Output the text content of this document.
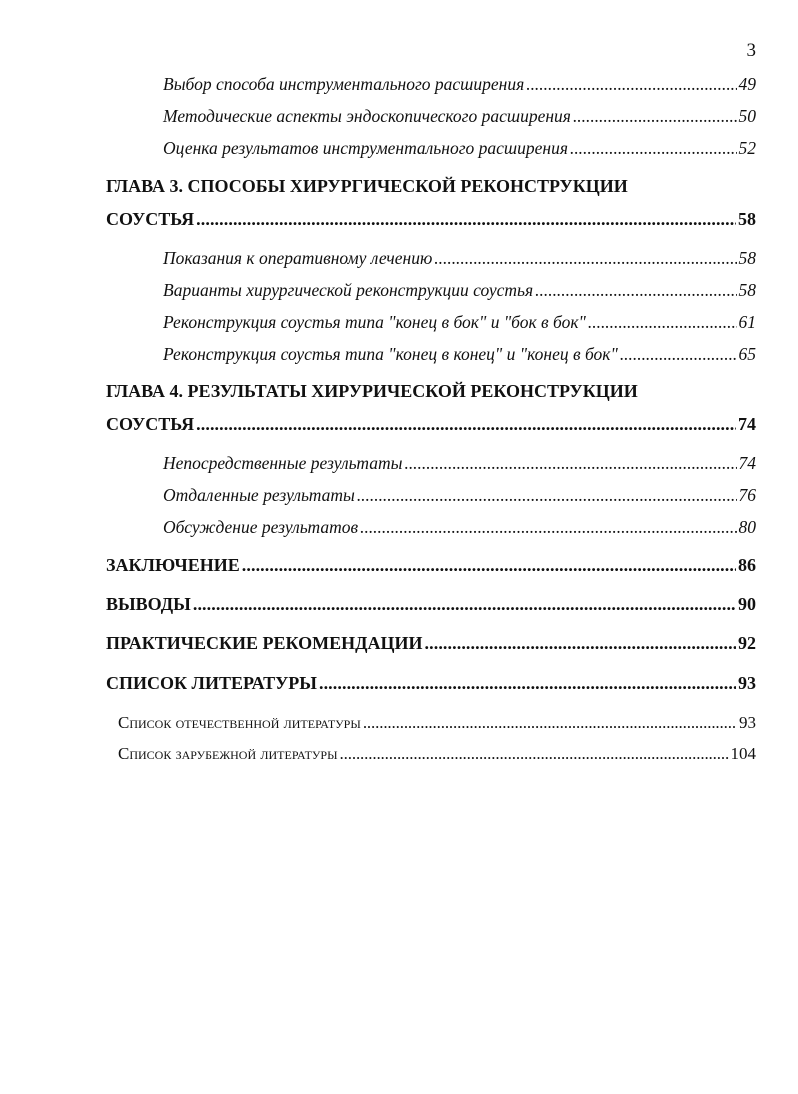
3
Выбор способа инструментального расширения . . .	49
Методические аспекты эндоскопического расширения . . .	50
Оценка результатов инструментального расширения . . .	52
ГЛАВА 3. СПОСОБЫ ХИРУРГИЧЕСКОЙ РЕКОНСТРУКЦИИ
СОУСТЬЯ . . .	58
Показания к оперативному лечению . . .	58
Варианты хирургической реконструкции соустья . . .	58
Реконструкция соустья типа "конец в бок" и "бок в бок" . . .	61
Реконструкция соустья типа "конец в конец" и "конец в бок" . . .	65
ГЛАВА 4. РЕЗУЛЬТАТЫ ХИРУРИЧЕСКОЙ РЕКОНСТРУКЦИИ
СОУСТЬЯ . . .	74
Непосредственные результаты . . .	74
Отдаленные результаты . . .	76
Обсуждение результатов . . .	80
ЗАКЛЮЧЕНИЕ . . .	86
ВЫВОДЫ . . .	90
ПРАКТИЧЕСКИЕ РЕКОМЕНДАЦИИ . . .	92
СПИСОК ЛИТЕРАТУРЫ . . .	93
Список отечественной литературы . . .	93
Список зарубежной литературы . . .	104
